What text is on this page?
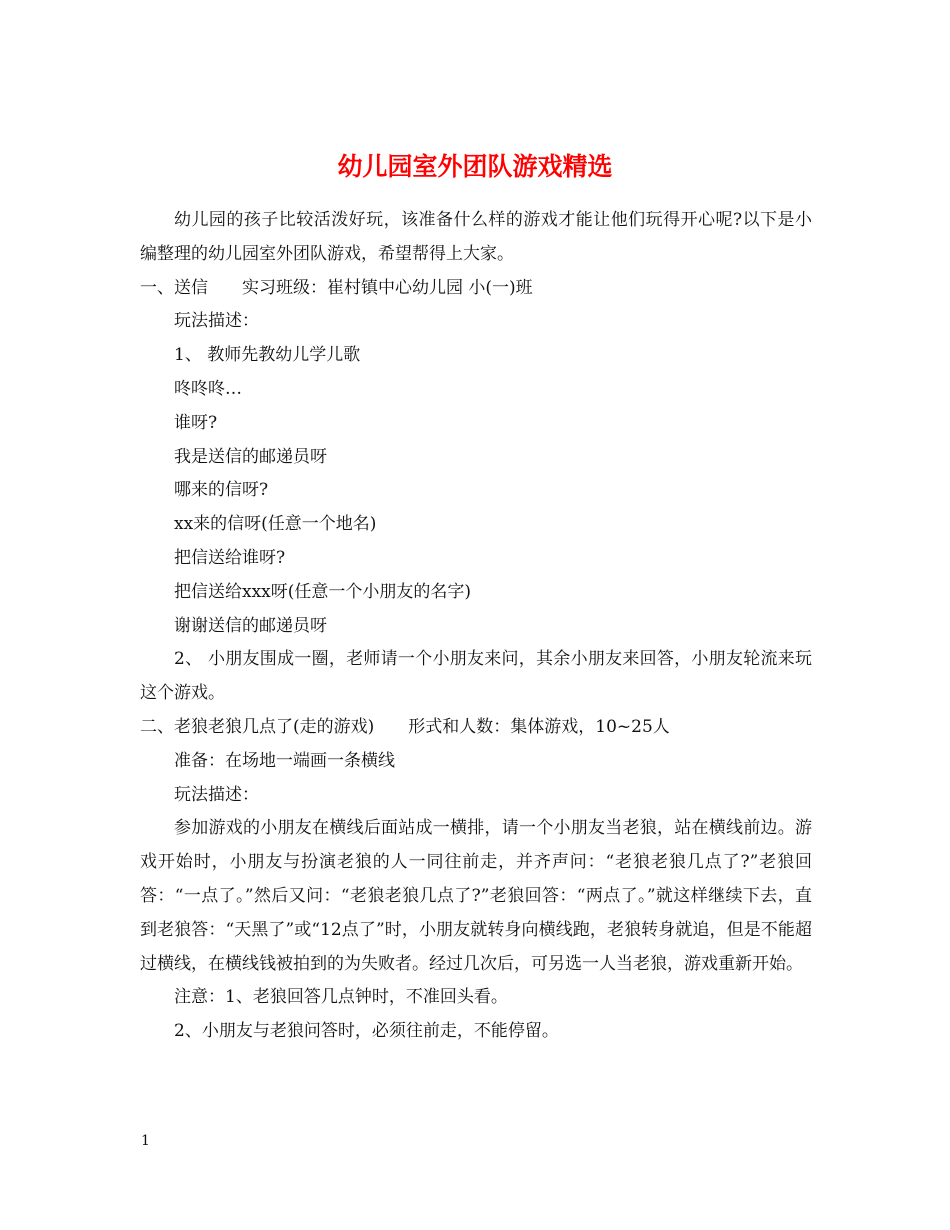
幼儿园室外团队游戏精选

幼儿园的孩子比较活泼好玩，该准备什么样的游戏才能让他们玩得开心呢?以下是小编整理的幼儿园室外团队游戏，希望帮得上大家。

一、送信　　实习班级：崔村镇中心幼儿园 小(一)班

玩法描述：

1、 教师先教幼儿学儿歌

咚咚咚…

谁呀?

我是送信的邮递员呀

哪来的信呀?

xx来的信呀(任意一个地名)

把信送给谁呀?

把信送给xxx呀(任意一个小朋友的名字)

谢谢送信的邮递员呀

2、 小朋友围成一圈，老师请一个小朋友来问，其余小朋友来回答，小朋友轮流来玩这个游戏。

二、老狼老狼几点了(走的游戏)　　形式和人数：集体游戏，10~25人

准备：在场地一端画一条横线

玩法描述：

参加游戏的小朋友在横线后面站成一横排，请一个小朋友当老狼，站在横线前边。游戏开始时，小朋友与扮演老狼的人一同往前走，并齐声问：“老狼老狼几点了?”老狼回答：“一点了。”然后又问：“老狼老狼几点了?”老狼回答：“两点了。”就这样继续下去，直到老狼答：“天黑了”或“12点了”时，小朋友就转身向横线跑，老狼转身就追，但是不能超过横线，在横线钱被拍到的为失败者。经过几次后，可另选一人当老狼，游戏重新开始。

注意：1、老狼回答几点钟时，不准回头看。

2、小朋友与老狼问答时，必须往前走，不能停留。

1
